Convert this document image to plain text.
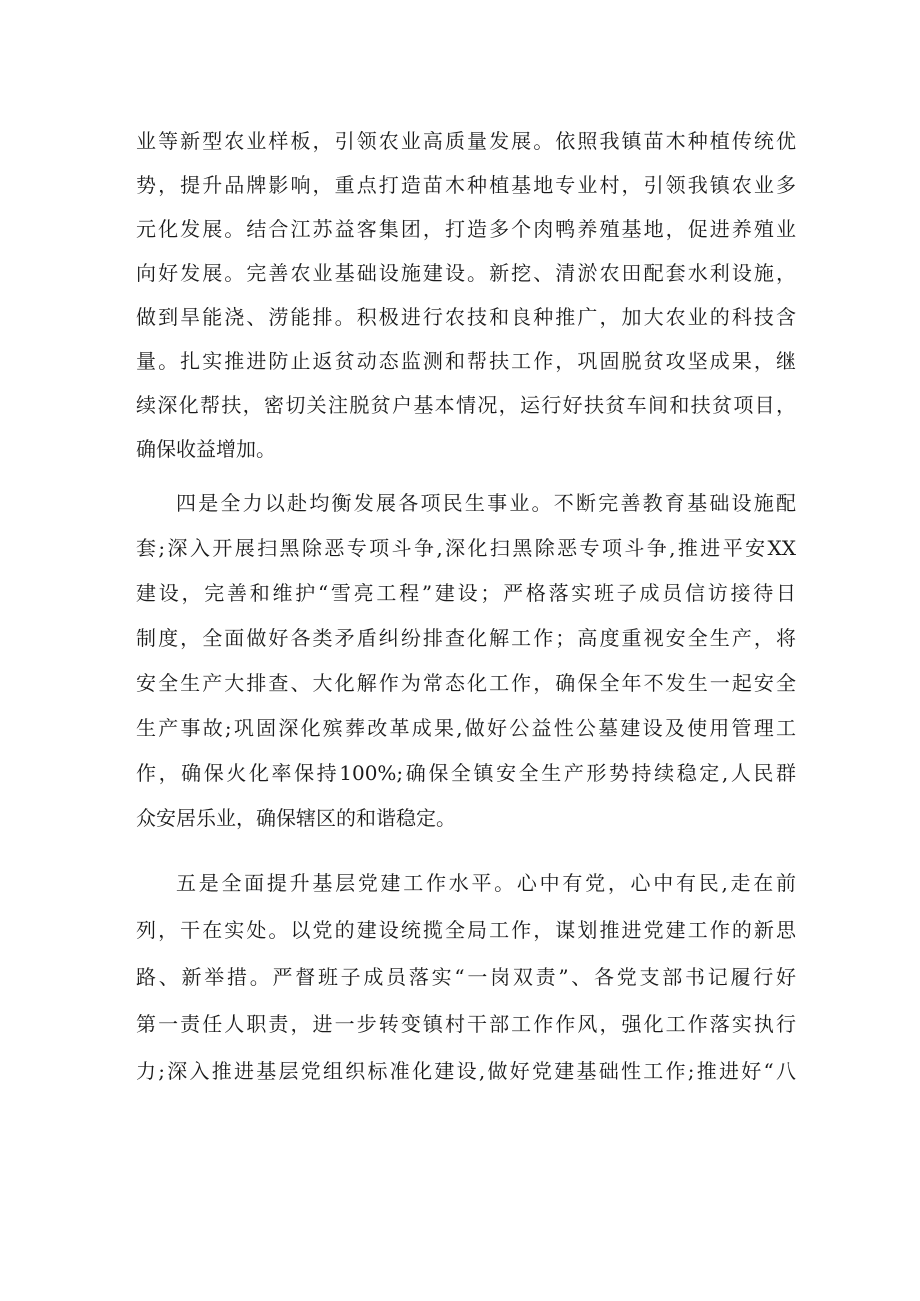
业等新型农业样板，引领农业高质量发展。依照我镇苗木种植传统优
势，提升品牌影响，重点打造苗木种植基地专业村，引领我镇农业多
元化发展。结合江苏益客集团，打造多个肉鸭养殖基地，促进养殖业
向好发展。完善农业基础设施建设。新挖、清淤农田配套水利设施，
做到旱能浇、涝能排。积极进行农技和良种推广，加大农业的科技含
量。扎实推进防止返贫动态监测和帮扶工作，巩固脱贫攻坚成果，继
续深化帮扶，密切关注脱贫户基本情况，运行好扶贫车间和扶贫项目，
确保收益增加。
四是全力以赴均衡发展各项民生事业。不断完善教育基础设施配
套;深入开展扫黑除恶专项斗争,深化扫黑除恶专项斗争,推进平安XX
建设，完善和维护“雪亮工程”建设；严格落实班子成员信访接待日
制度，全面做好各类矛盾纠纷排查化解工作；高度重视安全生产，将
安全生产大排查、大化解作为常态化工作，确保全年不发生一起安全
生产事故;巩固深化殡葬改革成果,做好公益性公墓建设及使用管理工
作，确保火化率保持100%;确保全镇安全生产形势持续稳定,人民群
众安居乐业，确保辖区的和谐稳定。
五是全面提升基层党建工作水平。心中有党，心中有民,走在前
列，干在实处。以党的建设统揽全局工作，谋划推进党建工作的新思
路、新举措。严督班子成员落实“一岗双责”、各党支部书记履行好
第一责任人职责，进一步转变镇村干部工作作风，强化工作落实执行
力;深入推进基层党组织标准化建设,做好党建基础性工作;推进好“八
